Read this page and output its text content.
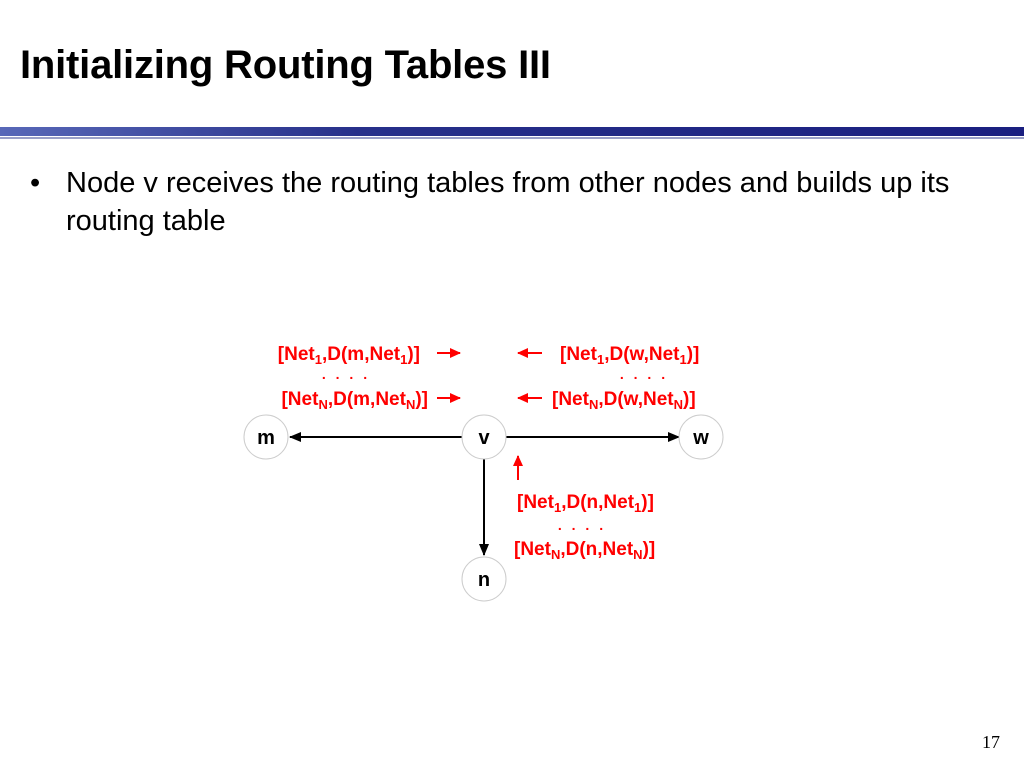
Initializing Routing Tables III
• Node v receives the routing tables from other nodes and builds up its routing table
m	v	w
n
[Net$_1$,D(m,Net$_1$)]
. . . .
[Net$_N$,D(m,Net$_N$)]
[Net$_1$,D(w,Net$_1$)]
. . . .
[Net$_N$,D(w,Net$_N$)]
[Net$_1$,D(n,Net$_1$)]
. . . .
[Net$_N$,D(n,Net$_N$)]
17
